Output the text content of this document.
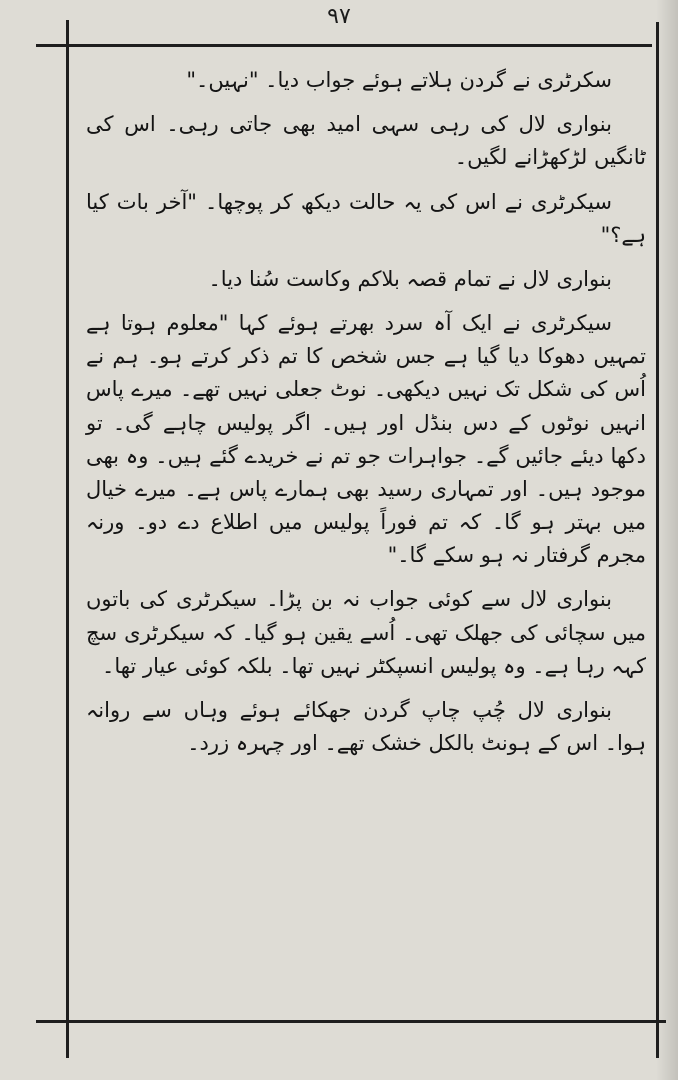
۹۷

سکرٹری نے گردن ہلاتے ہوئے جواب دیا۔ "نہیں۔"

بنواری لال کی رہی سہی امید بھی جاتی رہی۔ اس کی ٹانگیں لڑکھڑانے لگیں۔

سیکرٹری نے اس کی یہ حالت دیکھ کر پوچھا۔ "آخر بات کیا ہے؟"

بنواری لال نے تمام قصہ بلاکم وکاست سُنا دیا۔

سیکرٹری نے ایک آہ سرد بھرتے ہوئے کہا "معلوم ہوتا ہے تمہیں دھوکا دیا گیا ہے جس شخص کا تم ذکر کرتے ہو۔ ہم نے اُس کی شکل تک نہیں دیکھی۔ نوٹ جعلی نہیں تھے۔ میرے پاس انہیں نوٹوں کے دس بنڈل اور ہیں۔ اگر پولیس چاہے گی۔ تو دکھا دیئے جائیں گے۔ جواہرات جو تم نے خریدے گئے ہیں۔ وہ بھی موجود ہیں۔ اور تمہاری رسید بھی ہمارے پاس ہے۔ میرے خیال میں بہتر ہو گا۔ کہ تم فوراً پولیس میں اطلاع دے دو۔ ورنہ مجرم گرفتار نہ ہو سکے گا۔"

بنواری لال سے کوئی جواب نہ بن پڑا۔ سیکرٹری کی باتوں میں سچائی کی جھلک تھی۔ اُسے یقین ہو گیا۔ کہ سیکرٹری سچ کہہ رہا ہے۔ وہ پولیس انسپکٹر نہیں تھا۔ بلکہ کوئی عیار تھا۔

بنواری لال چُپ چاپ گردن جھکائے ہوئے وہاں سے روانہ ہوا۔ اس کے ہونٹ بالکل خشک تھے۔ اور چہرہ زرد۔
